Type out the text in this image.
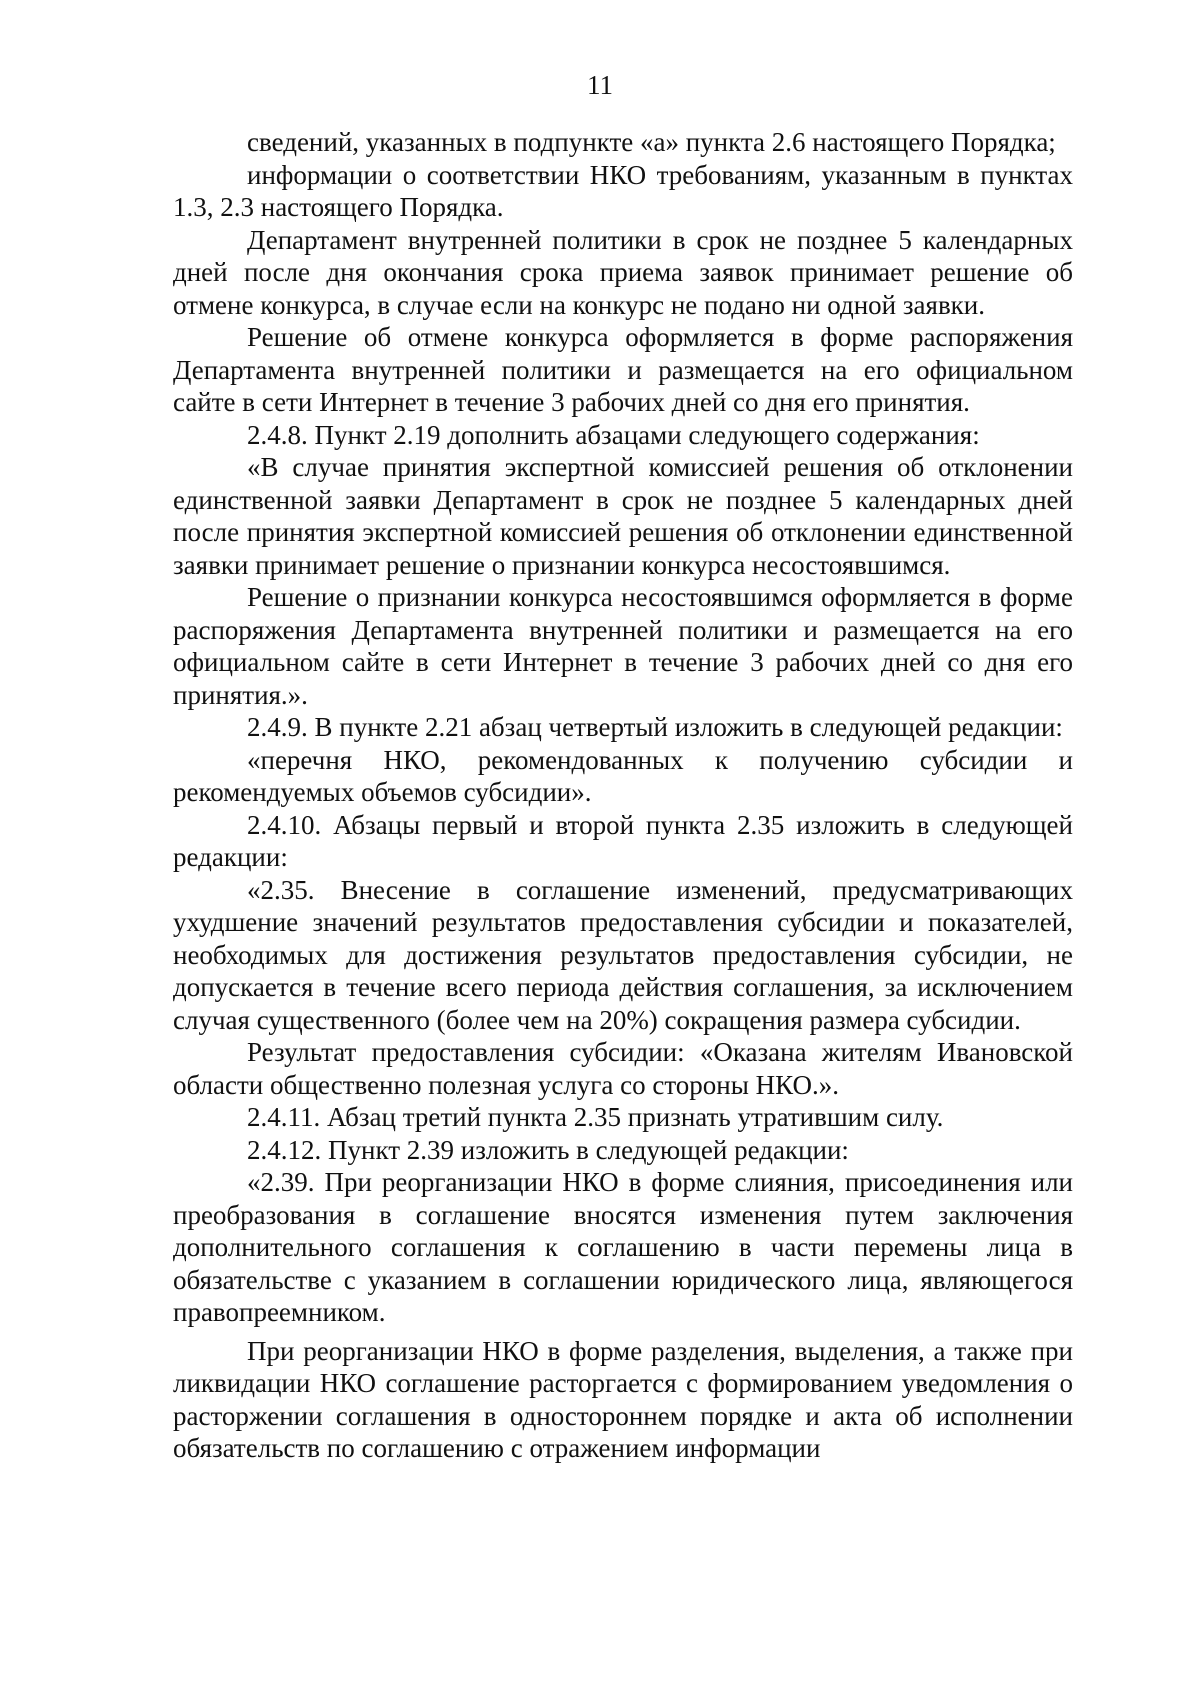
11

сведений, указанных в подпункте «а» пункта 2.6 настоящего Порядка;

информации о соответствии НКО требованиям, указанным в пунктах 1.3, 2.3 настоящего Порядка.

Департамент внутренней политики в срок не позднее 5 календарных дней после дня окончания срока приема заявок принимает решение об отмене конкурса, в случае если на конкурс не подано ни одной заявки.

Решение об отмене конкурса оформляется в форме распоряжения Департамента внутренней политики и размещается на его официальном сайте в сети Интернет в течение 3 рабочих дней со дня его принятия.

2.4.8. Пункт 2.19 дополнить абзацами следующего содержания:

«В случае принятия экспертной комиссией решения об отклонении единственной заявки Департамент в срок не позднее 5 календарных дней после принятия экспертной комиссией решения об отклонении единственной заявки принимает решение о признании конкурса несостоявшимся.

Решение о признании конкурса несостоявшимся оформляется в форме распоряжения Департамента внутренней политики и размещается на его официальном сайте в сети Интернет в течение 3 рабочих дней со дня его принятия.».

2.4.9. В пункте 2.21 абзац четвертый изложить в следующей редакции:

«перечня НКО, рекомендованных к получению субсидии и рекомендуемых объемов субсидии».

2.4.10. Абзацы первый и второй пункта 2.35 изложить в следующей редакции:

«2.35. Внесение в соглашение изменений, предусматривающих ухудшение значений результатов предоставления субсидии и показателей, необходимых для достижения результатов предоставления субсидии, не допускается в течение всего периода действия соглашения, за исключением случая существенного (более чем на 20%) сокращения размера субсидии.

Результат предоставления субсидии: «Оказана жителям Ивановской области общественно полезная услуга со стороны НКО.».

2.4.11. Абзац третий пункта 2.35 признать утратившим силу.

2.4.12. Пункт 2.39 изложить в следующей редакции:

«2.39. При реорганизации НКО в форме слияния, присоединения или преобразования в соглашение вносятся изменения путем заключения дополнительного соглашения к соглашению в части перемены лица в обязательстве с указанием в соглашении юридического лица, являющегося правопреемником.

При реорганизации НКО в форме разделения, выделения, а также при ликвидации НКО соглашение расторгается с формированием уведомления о расторжении соглашения в одностороннем порядке и акта об исполнении обязательств по соглашению с отражением информации
